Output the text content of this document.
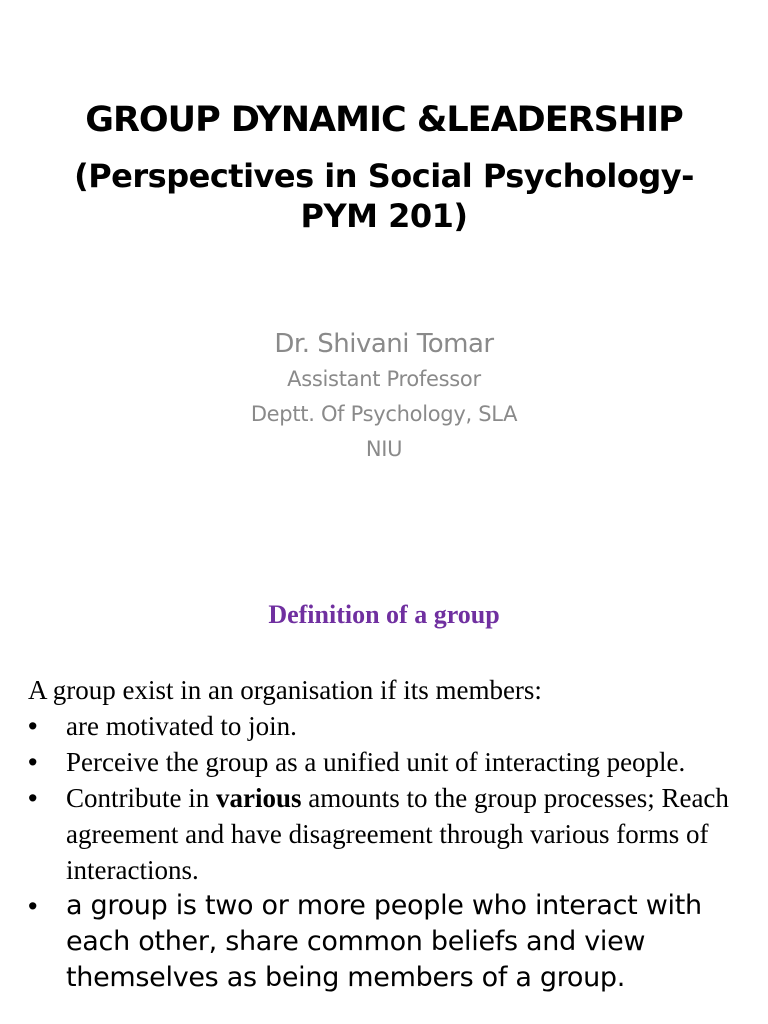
GROUP DYNAMIC &LEADERSHIP
(Perspectives in Social Psychology-
PYM 201)
Dr. Shivani Tomar
Assistant Professor
Deptt. Of Psychology, SLA
NIU
Definition of a group

A group exist in an organisation if its members:

• are motivated to join.
• Perceive the group as a unified unit of interacting people.
• Contribute in various amounts to the group processes; Reach agreement and have disagreement through various forms of interactions.
• a group is two or more people who interact with each other, share common beliefs and view themselves as being members of a group.
